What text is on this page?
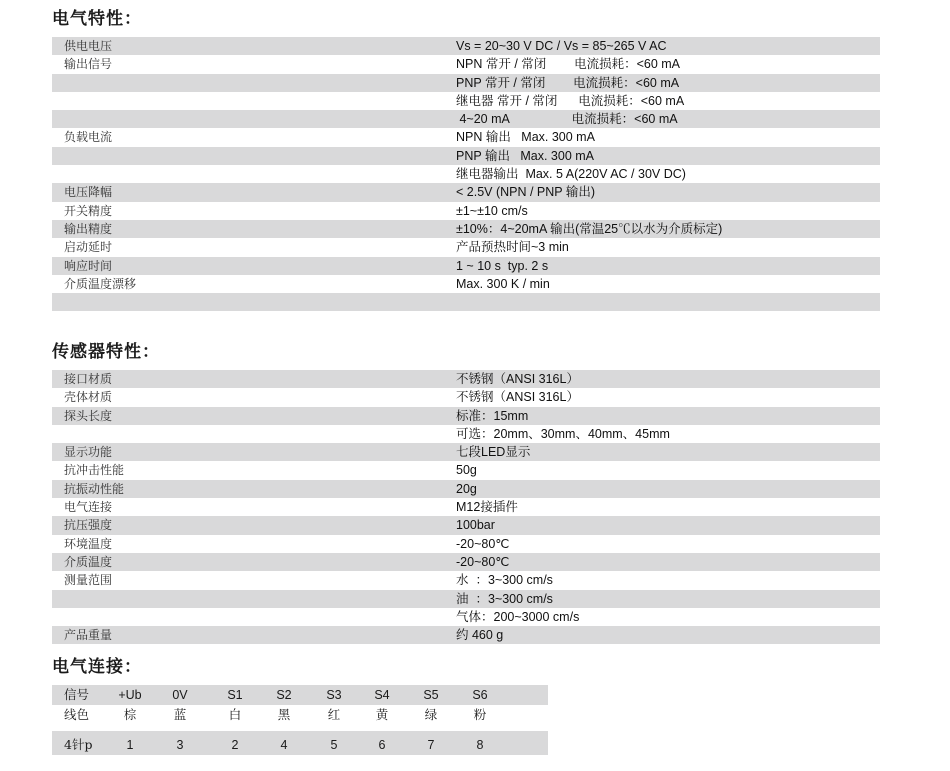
电气特性：
供电电压	Vs = 20~30 V DC / Vs = 85~265 V AC
输出信号	NPN 常开 / 常闭        电流损耗：<60 mA
PNP 常开 / 常闭        电流损耗：<60 mA
继电器 常开 / 常闭      电流损耗：<60 mA
4~20 mA                  电流损耗：<60 mA
负载电流	NPN 输出   Max. 300 mA
PNP 输出   Max. 300 mA
继电器输出  Max. 5 A(220V AC / 30V DC)
电压降幅	< 2.5V (NPN / PNP 输出)
开关精度	±1~±10 cm/s
输出精度	±10%：4~20mA 输出(常温25℃以水为介质标定)
启动延时	产品预热时间~3 min
响应时间	1 ~ 10 s  typ. 2 s
介质温度漂移	Max. 300 K / min
传感器特性：
接口材质	不锈钢（ANSI 316L）
壳体材质	不锈钢（ANSI 316L）
探头长度	标准：15mm
可选：20mm、30mm、40mm、45mm
显示功能	七段LED显示
抗冲击性能	50g
抗振动性能	20g
电气连接	M12接插件
抗压强度	100bar
环境温度	-20~80℃
介质温度	-20~80℃
测量范围	水  ：3~300 cm/s
油  ：3~300 cm/s
气体：200~3000 cm/s
产品重量	约 460 g
电气连接：
信号	+Ub	0V	S1	S2	S3	S4	S5	S6
线色	棕	蓝	白	黑	红	黄	绿	粉
4针p	1	3	2	4	5	6	7	8
